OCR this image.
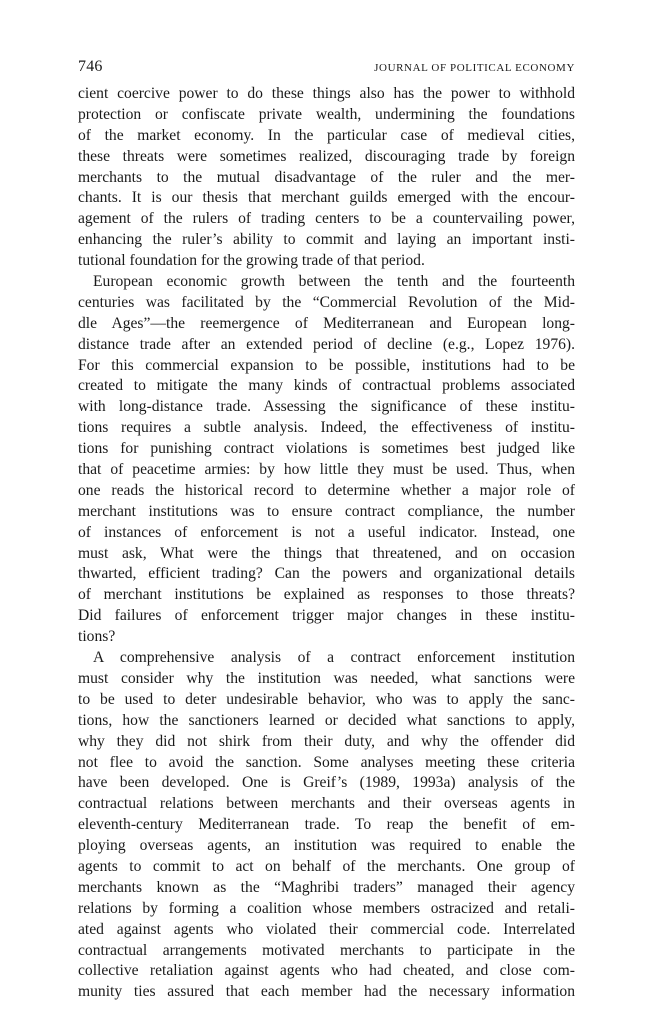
746	JOURNAL OF POLITICAL ECONOMY

cient coercive power to do these things also has the power to withhold
protection or confiscate private wealth, undermining the foundations
of the market economy. In the particular case of medieval cities,
these threats were sometimes realized, discouraging trade by foreign
merchants to the mutual disadvantage of the ruler and the mer-
chants. It is our thesis that merchant guilds emerged with the encour-
agement of the rulers of trading centers to be a countervailing power,
enhancing the ruler’s ability to commit and laying an important insti-
tutional foundation for the growing trade of that period.

European economic growth between the tenth and the fourteenth
centuries was facilitated by the “Commercial Revolution of the Mid-
dle Ages”—the reemergence of Mediterranean and European long-
distance trade after an extended period of decline (e.g., Lopez 1976).
For this commercial expansion to be possible, institutions had to be
created to mitigate the many kinds of contractual problems associated
with long-distance trade. Assessing the significance of these institu-
tions requires a subtle analysis. Indeed, the effectiveness of institu-
tions for punishing contract violations is sometimes best judged like
that of peacetime armies: by how little they must be used. Thus, when
one reads the historical record to determine whether a major role of
merchant institutions was to ensure contract compliance, the number
of instances of enforcement is not a useful indicator. Instead, one
must ask, What were the things that threatened, and on occasion
thwarted, efficient trading? Can the powers and organizational details
of merchant institutions be explained as responses to those threats?
Did failures of enforcement trigger major changes in these institu-
tions?

A comprehensive analysis of a contract enforcement institution
must consider why the institution was needed, what sanctions were
to be used to deter undesirable behavior, who was to apply the sanc-
tions, how the sanctioners learned or decided what sanctions to apply,
why they did not shirk from their duty, and why the offender did
not flee to avoid the sanction. Some analyses meeting these criteria
have been developed. One is Greif’s (1989, 1993a) analysis of the
contractual relations between merchants and their overseas agents in
eleventh-century Mediterranean trade. To reap the benefit of em-
ploying overseas agents, an institution was required to enable the
agents to commit to act on behalf of the merchants. One group of
merchants known as the “Maghribi traders” managed their agency
relations by forming a coalition whose members ostracized and retali-
ated against agents who violated their commercial code. Interrelated
contractual arrangements motivated merchants to participate in the
collective retaliation against agents who had cheated, and close com-
munity ties assured that each member had the necessary information
